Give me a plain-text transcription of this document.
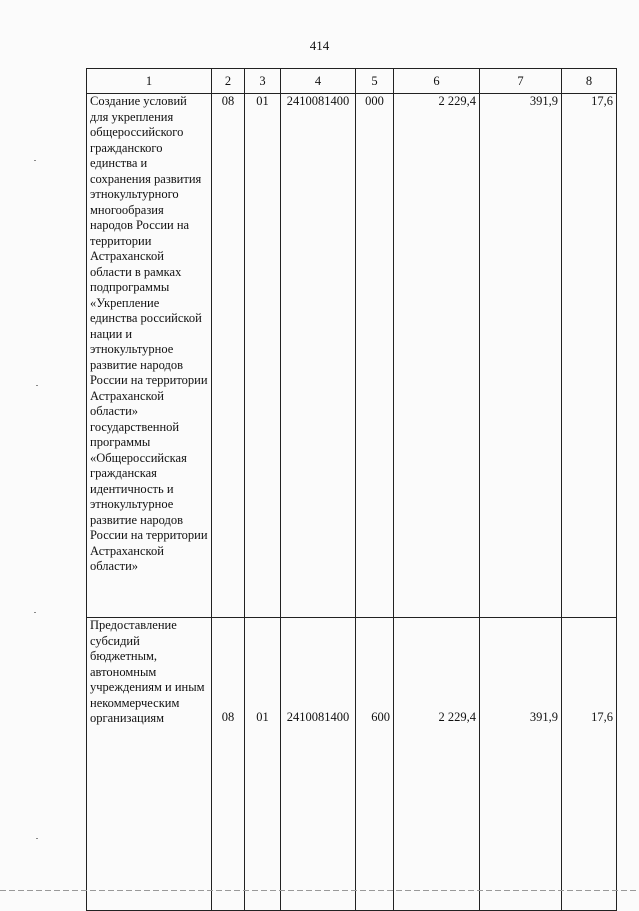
414
1	2	3	4	5	6	7	8
Создание условий для укрепления общероссийского гражданского единства и сохранения развития этнокультурного многообразия народов России на территории Астраханской области в рамках подпрограммы «Укрепление единства российской нации и этнокультурное развитие народов России на территории Астраханской области» государственной программы «Общероссийская гражданская идентичность и этнокультурное развитие народов России на территории Астраханской области»	08	01	2410081400	000	2 229,4	391,9	17,6
Предоставление субсидий бюджетным, автономным учреждениям и иным некоммерческим организациям	08	01	2410081400	600	2 229,4	391,9	17,6
